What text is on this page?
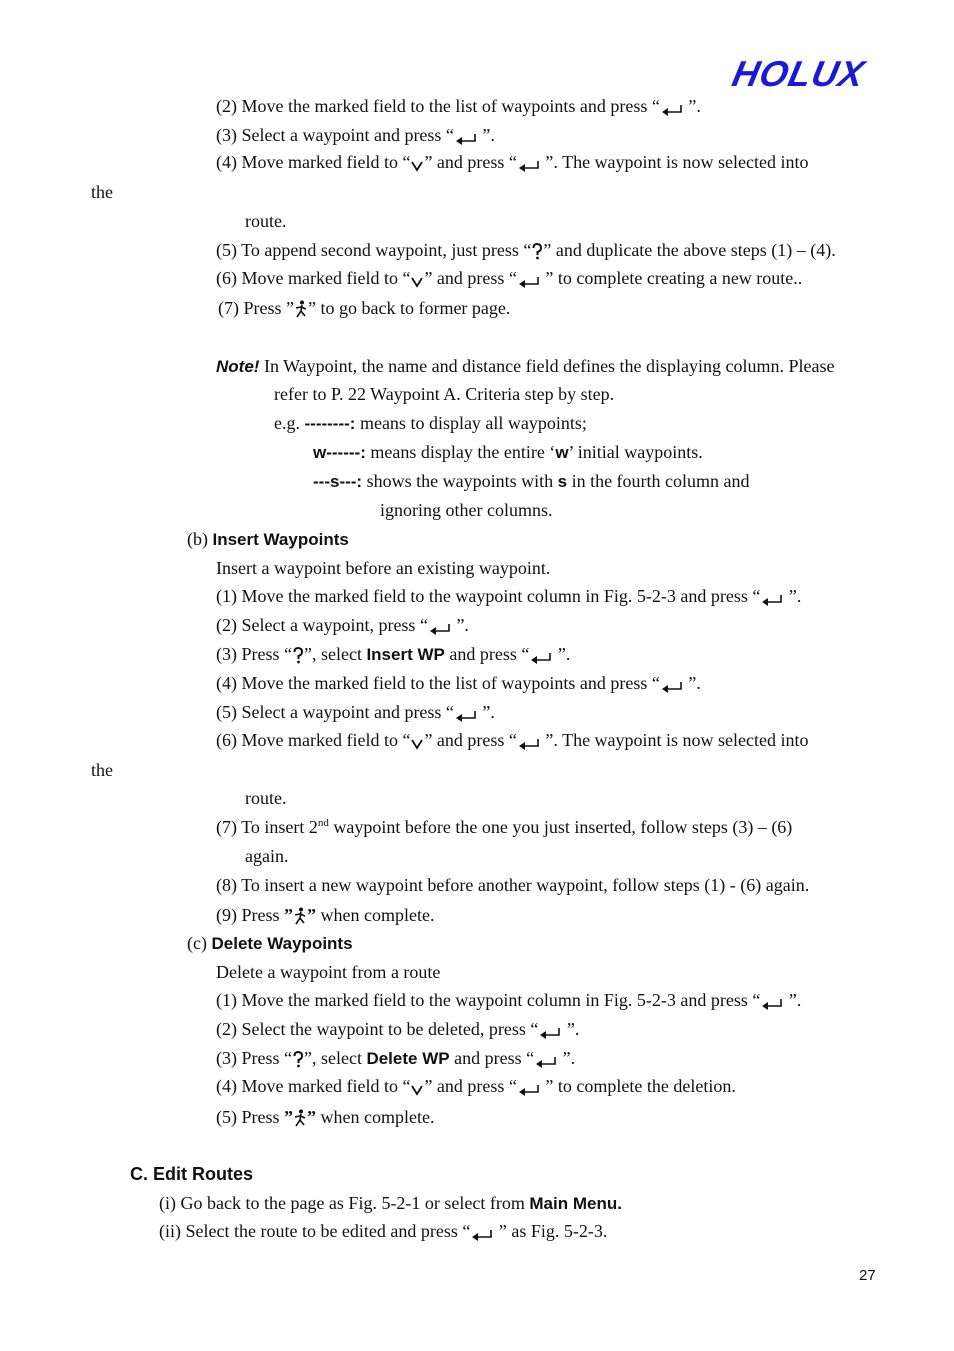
HOLUX
(2) Move the marked field to the list of waypoints and press “ ”.
(3) Select a waypoint and press “ ”.
(4) Move marked field to “ ” and press “ ”. The waypoint is now selected into
the
route.
(5) To append second waypoint, just press “ ” and duplicate the above steps (1) – (4).
(6) Move marked field to “ ” and press “ ” to complete creating a new route..
(7) Press ” ” to go back to former page.
Note! In Waypoint, the name and distance field defines the displaying column. Please
refer to P. 22 Waypoint A. Criteria step by step.
e.g. --------: means to display all waypoints;
w------: means display the entire ‘w’ initial waypoints.
---s---: shows the waypoints with s in the fourth column and
ignoring other columns.
(b) Insert Waypoints
Insert a waypoint before an existing waypoint.
(1) Move the marked field to the waypoint column in Fig. 5-2-3 and press “ ”.
(2) Select a waypoint, press “ ”.
(3) Press “ ”, select Insert WP and press “ ”.
(4) Move the marked field to the list of waypoints and press “ ”.
(5) Select a waypoint and press “ ”.
(6) Move marked field to “ ” and press “ ”. The waypoint is now selected into
the
route.
(7) To insert 2nd waypoint before the one you just inserted, follow steps (3) – (6)
again.
(8) To insert a new waypoint before another waypoint, follow steps (1) - (6) again.
(9) Press ” ” when complete.
(c) Delete Waypoints
Delete a waypoint from a route
(1) Move the marked field to the waypoint column in Fig. 5-2-3 and press “ ”.
(2) Select the waypoint to be deleted, press “ ”.
(3) Press “ ”, select Delete WP and press “ ”.
(4) Move marked field to “ ” and press “ ” to complete the deletion.
(5) Press ” ” when complete.
C. Edit Routes
(i) Go back to the page as Fig. 5-2-1 or select from Main Menu.
(ii) Select the route to be edited and press “ ” as Fig. 5-2-3.
27
